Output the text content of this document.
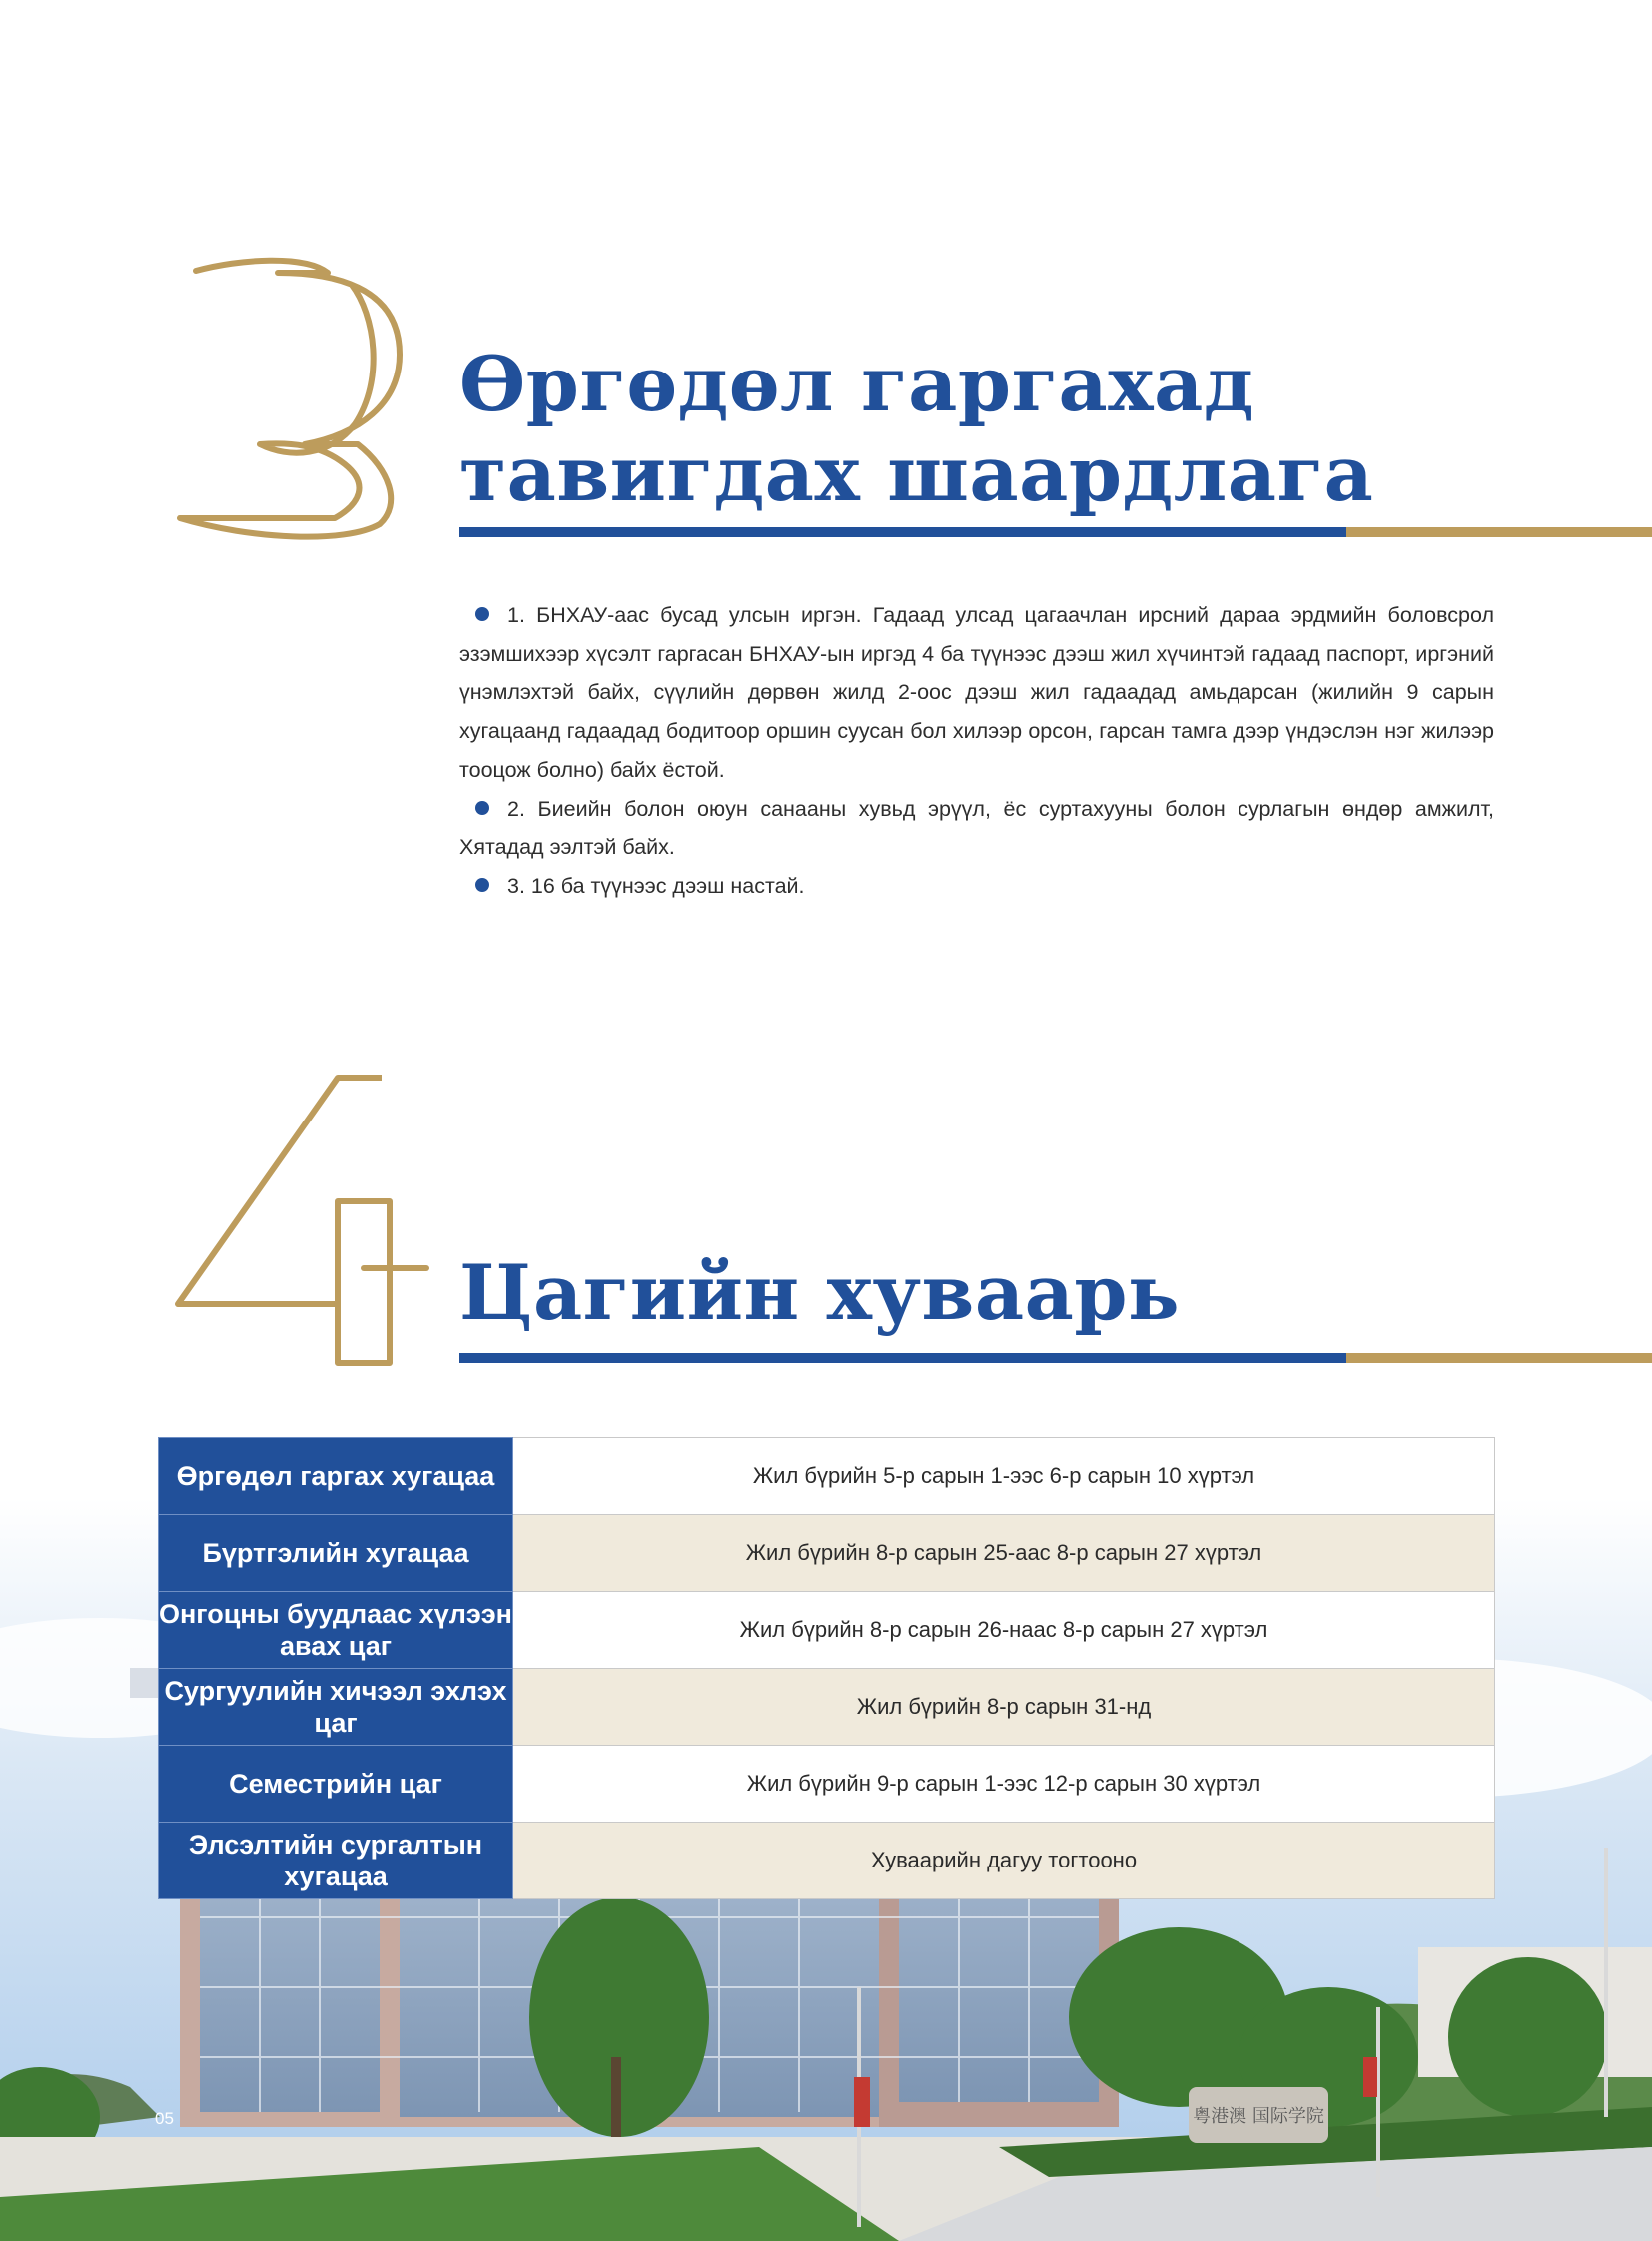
Өргөдөл гаргахад
тавигдах шаардлага

1. БНХАУ-аас бусад улсын иргэн. Гадаад улсад цагаачлан ирсний дараа эрдмийн боловсрол эзэмшихээр хүсэлт гаргасан БНХАУ-ын иргэд 4 ба түүнээс дээш жил хүчинтэй гадаад паспорт, иргэний үнэмлэхтэй байх, сүүлийн дөрвөн жилд 2-оос дээш жил гадаадад амьдарсан (жилийн 9 сарын хугацаанд гадаадад бодитоор оршин суусан бол хилээр орсон, гарсан тамга дээр үндэслэн нэг жилээр тооцож болно) байх ёстой.

2. Биеийн болон оюун санааны хувьд эрүүл, ёс суртахууны болон сурлагын өндөр амжилт, Хятадад ээлтэй байх.

3. 16 ба түүнээс дээш настай.

Цагийн хуваарь
粤港澳 国际学院
05
Өргөдөл гаргах хугацаа	Жил бүрийн 5-р сарын 1-ээс 6-р сарын 10 хүртэл
Бүртгэлийн хугацаа	Жил бүрийн 8-р сарын 25-аас 8-р сарын 27 хүртэл
Онгоцны буудлаас хүлээн авах цаг	Жил бүрийн 8-р сарын 26-наас 8-р сарын 27 хүртэл
Сургуулийн хичээл эхлэх цаг	Жил бүрийн 8-р сарын 31-нд
Семестрийн цаг	Жил бүрийн 9-р сарын 1-ээс 12-р сарын 30 хүртэл
Элсэлтийн сургалтын хугацаа	Хуваарийн дагуу тогтооно
